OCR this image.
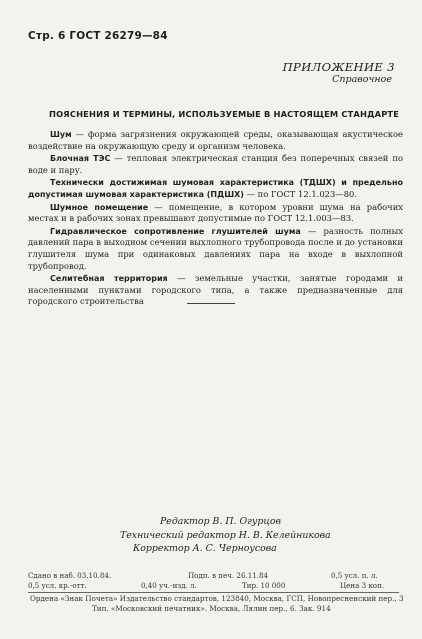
Стр. 6 ГОСТ 26279—84
ПРИЛОЖЕНИЕ 3
Справочное
ПОЯСНЕНИЯ И ТЕРМИНЫ, ИСПОЛЬЗУЕМЫЕ В НАСТОЯЩЕМ СТАНДАРТЕ

Шум — форма загрязнения окружающей среды, оказывающая акустическое воздействие на окружающую среду и организм человека.

Блочная ТЭС — тепловая электрическая станция без поперечных связей по воде и пару.

Технически достижимая шумовая характеристика (ТДШХ) и предельно допустимая шумовая характеристика (ПДШХ) — по ГОСТ 12.1.023—80.

Шумное помещение — помещение, в котором уровни шума на рабочих местах и в рабочих зонах превышают допустимые по ГОСТ 12.1.003—83.

Гидравлическое сопротивление глушителей шума — разность полных давлений пара в выходном сечении выхлопного трубопровода после и до установки глушителя шума при одинаковых давлениях пара на входе в выхлопной трубопровод.

Селитебная территория — земельные участки, занятые городами и населенными пунктами городского типа, а также предназначенные для городского строительства

Редактор В. П. Огурцов
Технический редактор Н. В. Келейникова
Корректор А. С. Черноусова
Сдано в наб. 03.10.84.	Подп. в печ. 26.11.84	0,5 усл. п. л.
0,5 усл. кр.-отт.	0,40 уч.-изд. л.	Тир. 10 000	Цена 3 коп.
Ордена «Знак Почета» Издательство стандартов, 123840, Москва, ГСП, Новопресненский пер., 3
Тип. «Московский печатник». Москва, Лялин пер., 6. Зак. 914
